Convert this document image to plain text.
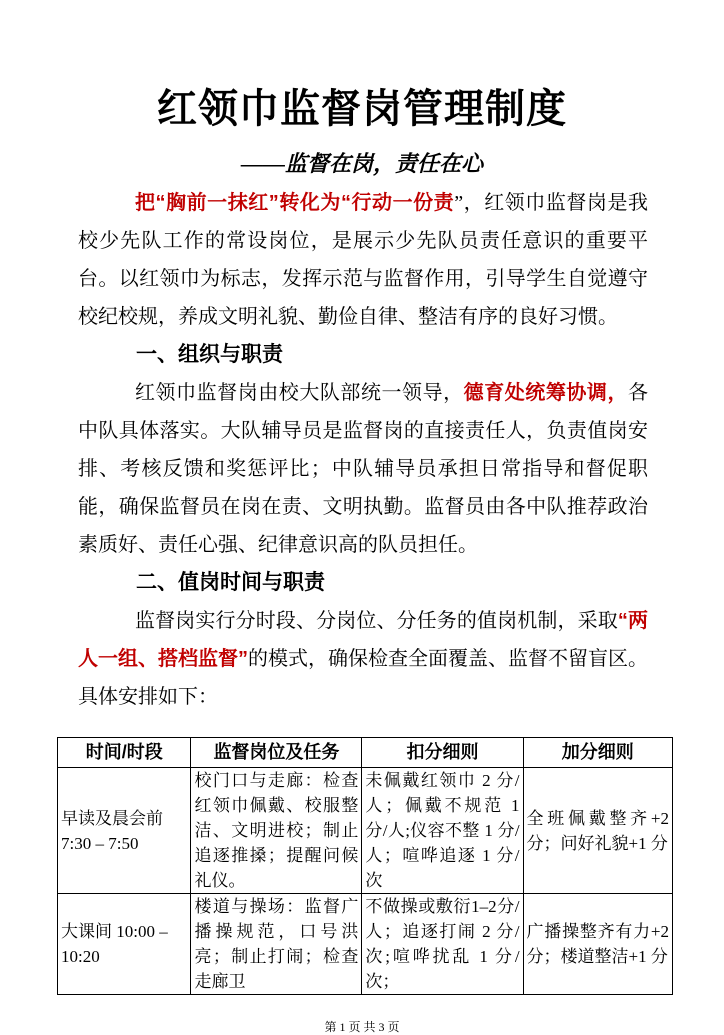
红领巾监督岗管理制度
——监督在岗，责任在心

把“胸前一抹红”转化为“行动一份责”，红领巾监督岗是我校少先队工作的常设岗位，是展示少先队员责任意识的重要平台。以红领巾为标志，发挥示范与监督作用，引导学生自觉遵守校纪校规，养成文明礼貌、勤俭自律、整洁有序的良好习惯。

一、组织与职责

红领巾监督岗由校大队部统一领导，德育处统筹协调，各中队具体落实。大队辅导员是监督岗的直接责任人，负责值岗安排、考核反馈和奖惩评比；中队辅导员承担日常指导和督促职能，确保监督员在岗在责、文明执勤。监督员由各中队推荐政治素质好、责任心强、纪律意识高的队员担任。

二、值岗时间与职责

监督岗实行分时段、分岗位、分任务的值岗机制，采取“两人一组、搭档监督”的模式，确保检查全面覆盖、监督不留盲区。具体安排如下：

时间/时段	监督岗位及任务	扣分细则	加分细则
早读及晨会前
7:30 – 7:50	校门口与走廊：检查红领巾佩戴、校服整洁、文明进校；制止追逐推搡；提醒问候礼仪。	未佩戴红领巾 2 分/人；佩戴不规范 1 分/人;仪容不整 1 分/人；喧哗追逐 1 分/次	全班佩戴整齐+2 分；问好礼貌+1 分
大课间 10:00 –
10:20	楼道与操场：监督广播操规范，口号洪亮；制止打闹；检查走廊卫	不做操或敷衍1–2分/人；追逐打闹 2 分/次;喧哗扰乱 1 分/次；	广播操整齐有力+2 分；楼道整洁+1 分
第 1 页 共 3 页
